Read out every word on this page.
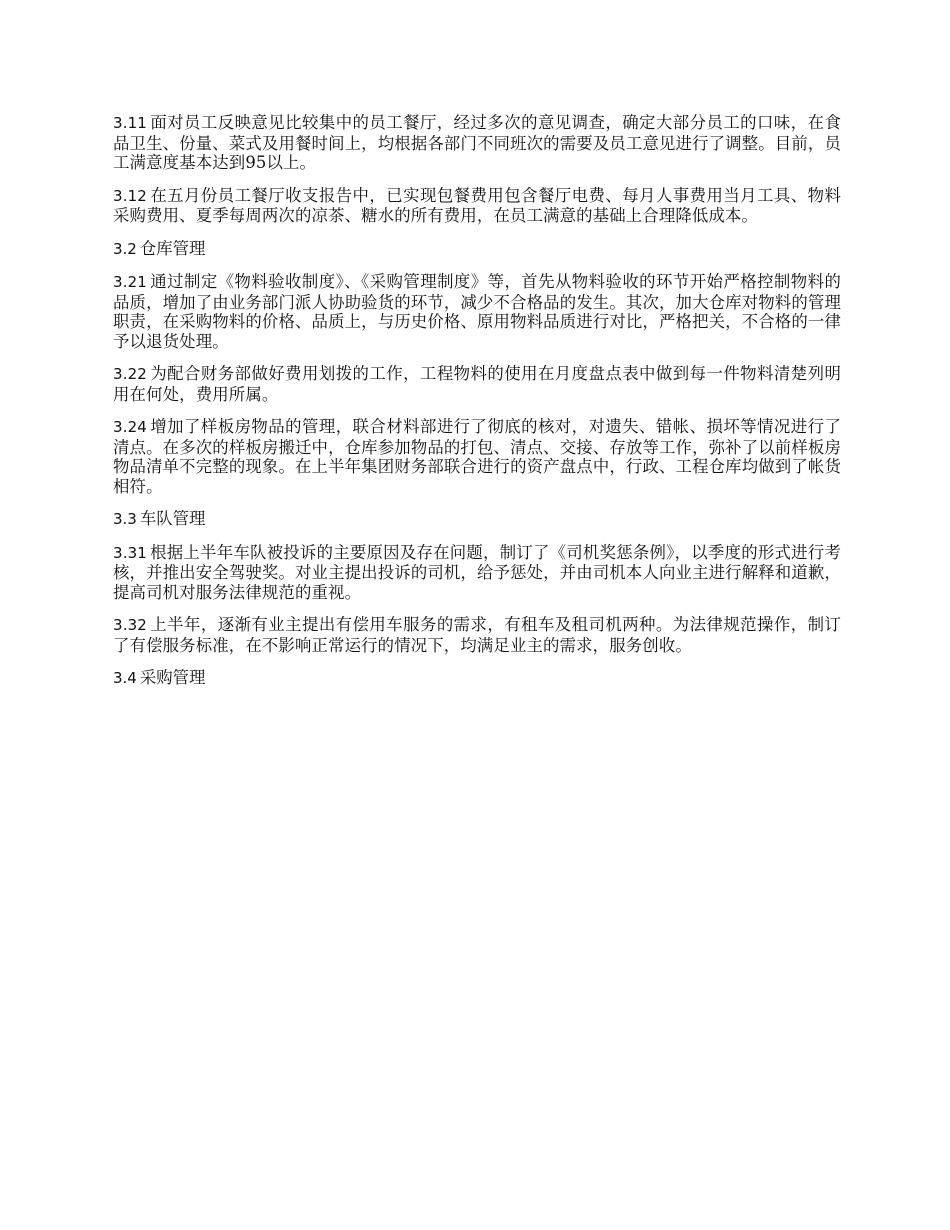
3.11 面对员工反映意见比较集中的员工餐厅，经过多次的意见调查，确定大部分员工的口味，在食品卫生、份量、菜式及用餐时间上，均根据各部门不同班次的需要及员工意见进行了调整。目前，员工满意度基本达到95以上。

3.12 在五月份员工餐厅收支报告中，已实现包餐费用包含餐厅电费、每月人事费用当月工具、物料采购费用、夏季每周两次的凉茶、糖水的所有费用，在员工满意的基础上合理降低成本。

3.2 仓库管理

3.21 通过制定《物料验收制度》、《采购管理制度》等，首先从物料验收的环节开始严格控制物料的品质，增加了由业务部门派人协助验货的环节，减少不合格品的发生。其次，加大仓库对物料的管理职责，在采购物料的价格、品质上，与历史价格、原用物料品质进行对比，严格把关，不合格的一律予以退货处理。

3.22 为配合财务部做好费用划拨的工作，工程物料的使用在月度盘点表中做到每一件物料清楚列明用在何处，费用所属。

3.24 增加了样板房物品的管理，联合材料部进行了彻底的核对，对遗失、错帐、损坏等情况进行了清点。在多次的样板房搬迁中，仓库参加物品的打包、清点、交接、存放等工作，弥补了以前样板房物品清单不完整的现象。在上半年集团财务部联合进行的资产盘点中，行政、工程仓库均做到了帐货相符。

3.3 车队管理

3.31 根据上半年车队被投诉的主要原因及存在问题，制订了《司机奖惩条例》，以季度的形式进行考核，并推出安全驾驶奖。对业主提出投诉的司机，给予惩处，并由司机本人向业主进行解释和道歉，提高司机对服务法律规范的重视。

3.32 上半年，逐渐有业主提出有偿用车服务的需求，有租车及租司机两种。为法律规范操作，制订了有偿服务标准，在不影响正常运行的情况下，均满足业主的需求，服务创收。

3.4 采购管理
